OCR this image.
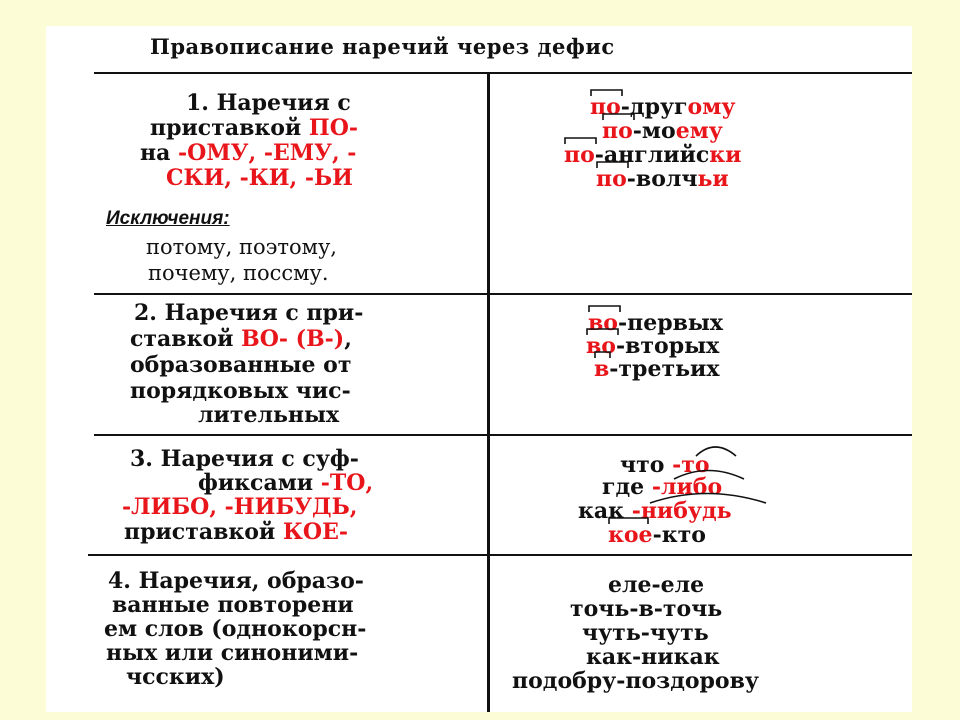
Правописание наречий через дефис
1. Наречия с
приставкой ПО-
на -ОМУ, -ЕМУ, -
СКИ, -КИ, -ЬИ
Исключения:
потому, поэтому,
почему, поссму.
по-другому
по-моему
по-английски
по-волчьи
2. Наречия с при-
ставкой ВО- (В-),
образованные от
порядковых чис-
лительных
во-первых
во-вторых
в-третьих
3. Наречия с суф-
фиксами -ТО,
-ЛИБО, -НИБУДЬ,
приставкой КОЕ-
что -то
где -либо
как -нибудь
кое-кто
4. Наречия, образо-
ванные повторени
ем слов (однокорсн-
ных или синоними-
чсских)
еле-еле
точь-в-точь
чуть-чуть
как-никак
подобру-поздорову
